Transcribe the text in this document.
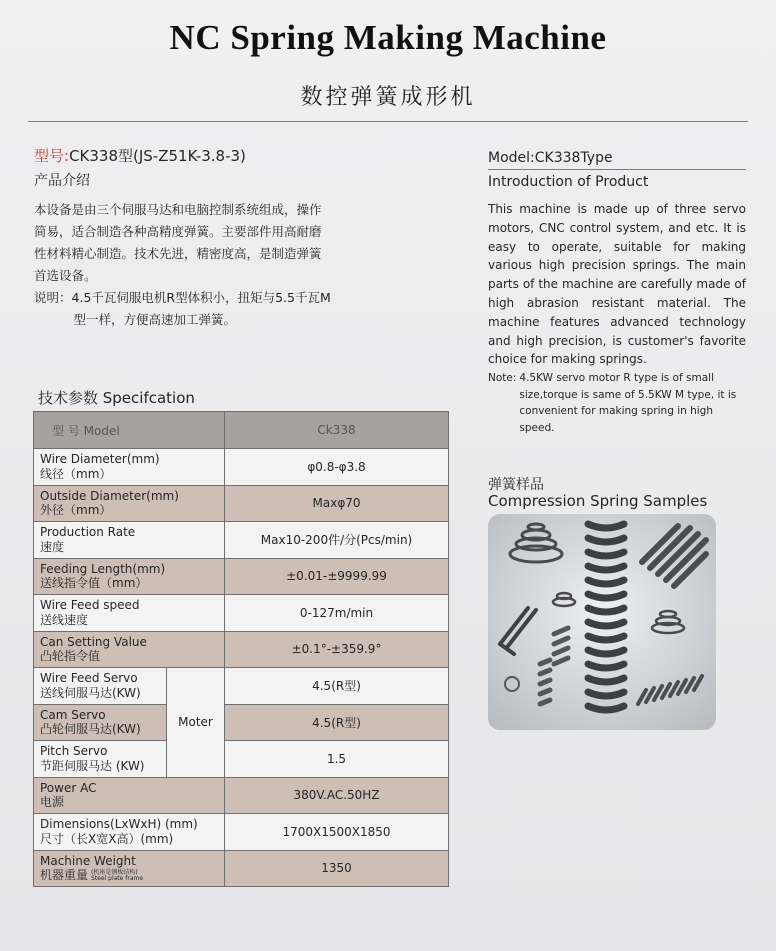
NC Spring Making Machine
数控弹簧成形机
型号:CK338型(JS-Z51K-3.8-3)
产品介绍
本设备是由三个伺服马达和电脑控制系统组成，操作
简易，适合制造各种高精度弹簧。主要部件用高耐磨
性材料精心制造。技术先进，精密度高，是制造弹簧
首选设备。
说明： 4.5千瓦伺服电机R型体积小，扭矩与5.5千瓦M
型一样，方便高速加工弹簧。
Model:CK338Type
Introduction of Product
This machine is made up of three servo motors, CNC control system, and etc. It is easy to operate, suitable for making various high precision springs. The main parts of the machine are carefully made of high abrasion resistant material. The machine features advanced technology and high precision, is customer's favorite choice for making springs.
Note: 4.5KW servo motor R type is of small size,torque is same of 5.5KW M type, it is convenient for making spring in high speed.
技术参数 Specifcation
型 号 Model		Ck338

Wire Diameter(mm)
线径（mm）		φ0.8-φ3.8

Outside Diameter(mm)
外径（mm）		Maxφ70

Production Rate
速度		Max10-200件/分(Pcs/min)

Feeding Length(mm)
送线指令值（mm）		±0.01-±9999.99

Wire Feed speed
送线速度		0-127m/min

Can Setting Value
凸轮指令值		±0.1°-±359.9°

Wire Feed Servo
送线伺服马达(KW)	Moter	4.5(R型)

Cam Servo
凸轮伺服马达(KW)		4.5(R型)

Pitch Servo
节距伺服马达 (KW)		1.5

Power AC
电源		380V.AC.50HZ

Dimensions(LxWxH) (mm)
尺寸（长X宽X高）(mm)		1700X1500X1850

Machine Weight
机器重量 (机座是钢板结构)
Steel plate frame		1350
弹簧样品
Compression Spring Samples
